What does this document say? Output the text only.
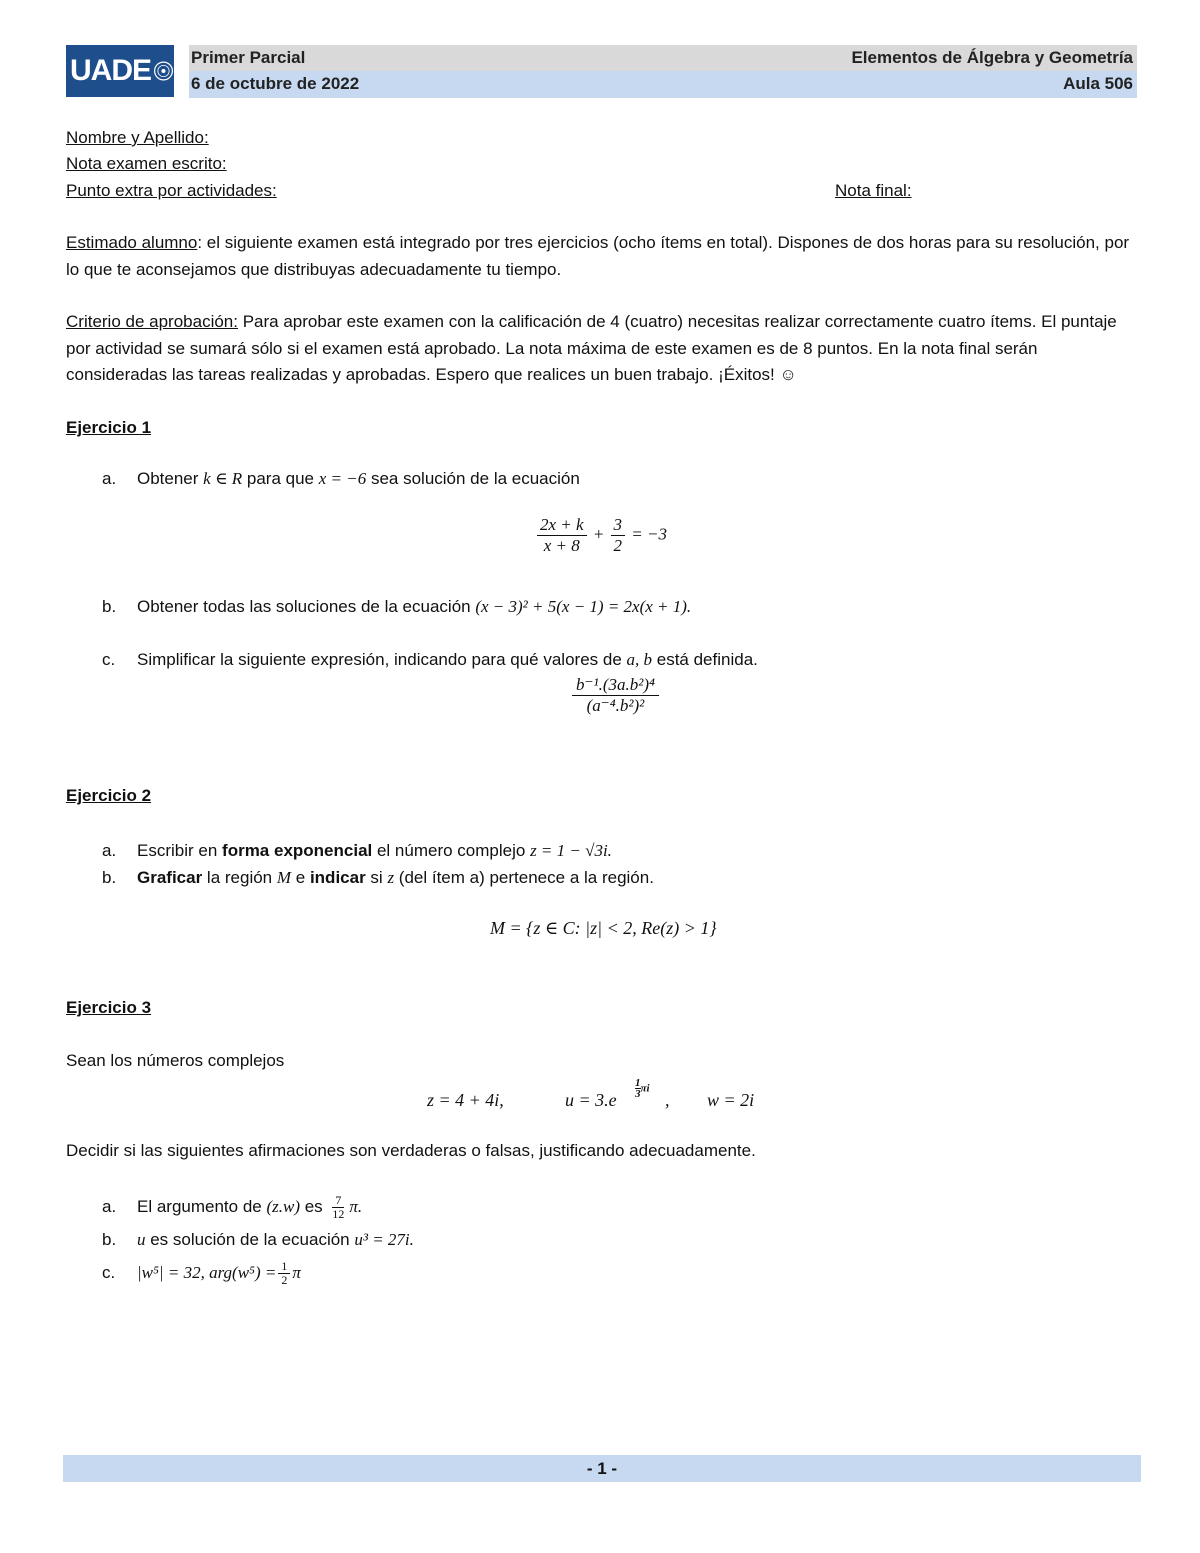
UADE Primer Parcial	Elementos de Álgebra y Geometría
6 de octubre de 2022	Aula 506
Nombre y Apellido:
Nota examen escrito:
Punto extra por actividades:	Nota final:
Estimado alumno: el siguiente examen está integrado por tres ejercicios (ocho ítems en total). Dispones de dos horas para su resolución, por lo que te aconsejamos que distribuyas adecuadamente tu tiempo.
Criterio de aprobación: Para aprobar este examen con la calificación de 4 (cuatro) necesitas realizar correctamente cuatro ítems. El puntaje por actividad se sumará sólo si el examen está aprobado. La nota máxima de este examen es de 8 puntos. En la nota final serán consideradas las tareas realizadas y aprobadas. Espero que realices un buen trabajo. ¡Éxitos! ☺
Ejercicio 1
a. Obtener k ∈ R para que x = −6 sea solución de la ecuación
$\frac{2x + k}{x + 8} + \frac{3}{2} = -3$
b. Obtener todas las soluciones de la ecuación (x − 3)² + 5(x − 1) = 2x(x + 1).
c. Simplificar la siguiente expresión, indicando para qué valores de a, b está definida.
$\frac{\text{b⁻¹.(3a.b²)⁴}}{\text{(a⁻⁴.b²)²}}$
Ejercicio 2
a. Escribir en forma exponencial el número complejo z = 1 − √3i.
b. Graficar la región M e indicar si z (del ítem a) pertenece a la región.
M = {z ∈ C: |z| < 2, Re(z) > 1}
Ejercicio 3
Sean los números complejos
z = 4 + 4i,	u = 3.e
$\frac{1}{3}$ πi
, w = 2i
Decidir si las siguientes afirmaciones son verdaderas o falsas, justificando adecuadamente.
a. El argumento de (z.w) es $\frac{7}{12} \pi$.
b. u es solución de la ecuación u³ = 27i.
c. |w⁵| = 32, $arg(w^5) = \frac{1}{2}$ π
- 1 -
